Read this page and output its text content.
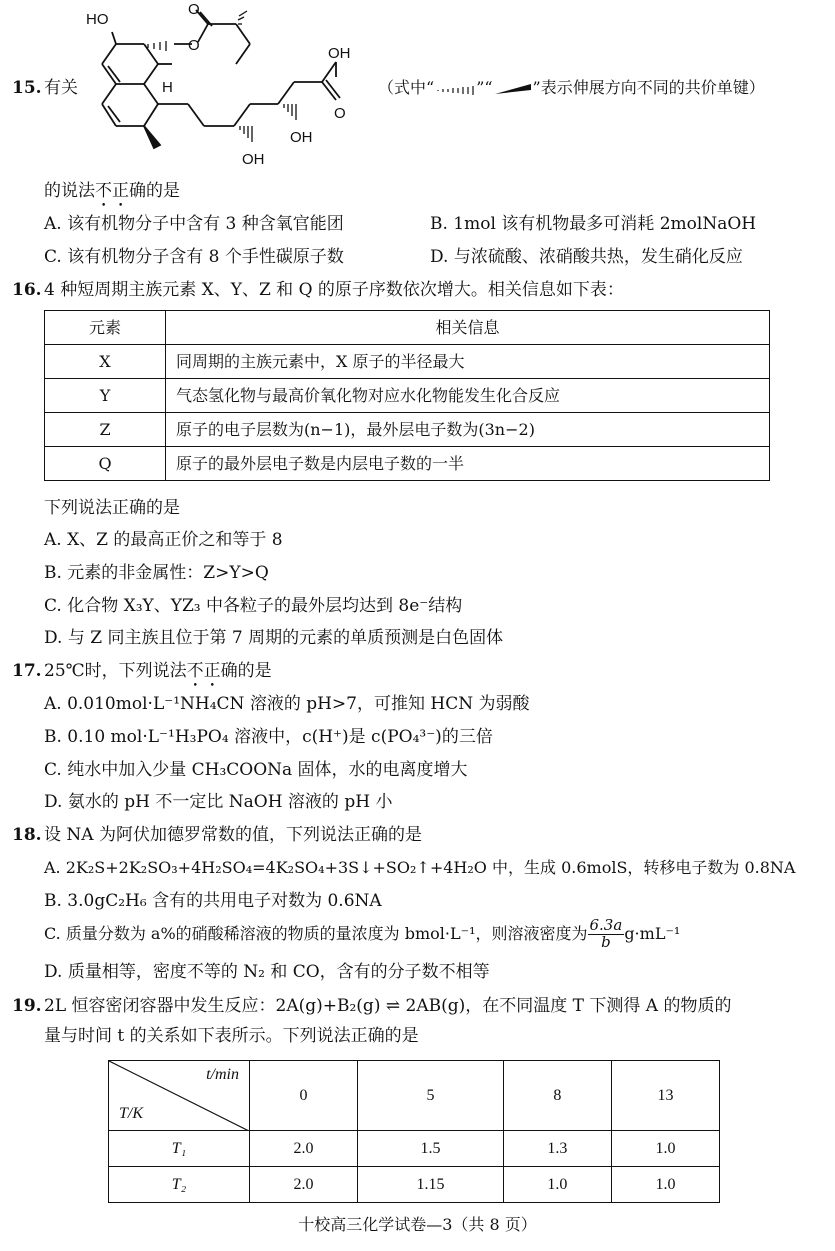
15. 有关
HO
OH
O
H
OH
OH
O
O
（式中“	”“	”表示伸展方向不同的共价单键）
的说法不正确的是
A. 该有机物分子中含有 3 种含氧官能团	B. 1mol 该有机物最多可消耗 2molNaOH
C. 该有机物分子含有 8 个手性碳原子数	D. 与浓硫酸、浓硝酸共热，发生硝化反应
16. 4 种短周期主族元素 X、Y、Z 和 Q 的原子序数依次增大。相关信息如下表：
元素	相关信息
X	同周期的主族元素中，X 原子的半径最大
Y	气态氢化物与最高价氧化物对应水化物能发生化合反应
Z	原子的电子层数为(n−1)，最外层电子数为(3n−2)
Q	原子的最外层电子数是内层电子数的一半
下列说法正确的是
A. X、Z 的最高正价之和等于 8
B. 元素的非金属性：Z>Y>Q
C. 化合物 X₃Y、YZ₃ 中各粒子的最外层均达到 8e⁻结构
D. 与 Z 同主族且位于第 7 周期的元素的单质预测是白色固体
17. 25℃时，下列说法不正确的是
A. 0.010mol·L⁻¹NH₄CN 溶液的 pH>7，可推知 HCN 为弱酸
B. 0.10 mol·L⁻¹H₃PO₄ 溶液中，c(H⁺)是 c(PO₄³⁻)的三倍
C. 纯水中加入少量 CH₃COONa 固体，水的电离度增大
D. 氨水的 pH 不一定比 NaOH 溶液的 pH 小
18. 设 NA 为阿伏加德罗常数的值，下列说法正确的是
A. 2K₂S+2K₂SO₃+4H₂SO₄=4K₂SO₄+3S↓+SO₂↑+4H₂O 中，生成 0.6molS，转移电子数为 0.8NA
B. 3.0gC₂H₆ 含有的共用电子对数为 0.6NA
C. 质量分数为 a%的硝酸稀溶液的物质的量浓度为 bmol·L⁻¹，则溶液密度为 $\frac{6.3a}{b} g\cdot mL^{-1}$
D. 质量相等，密度不等的 N₂ 和 CO，含有的分子数不相等
19. 2L 恒容密闭容器中发生反应：2A(g)+B₂(g) ⇌ 2AB(g)，在不同温度 T 下测得 A 的物质的
量与时间 t 的关系如下表所示。下列说法正确的是
t/min
T/K	0	5	8	13
T₁	2.0	1.5	1.3	1.0
T₂	2.0	1.15	1.0	1.0
十校高三化学试卷—3（共 8 页）
